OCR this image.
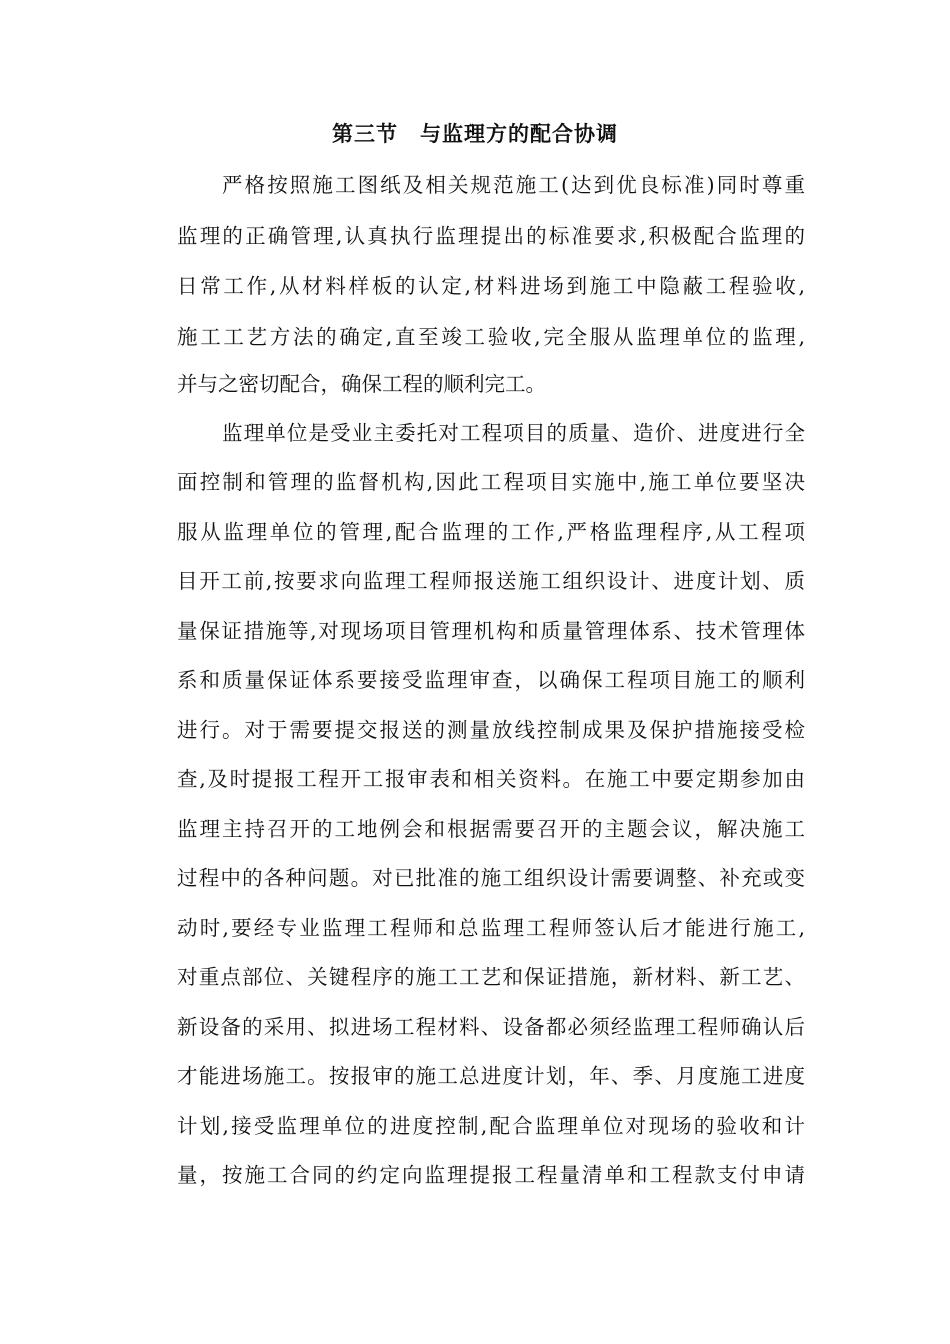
第三节　与监理方的配合协调
严格按照施工图纸及相关规范施工(达到优良标准)同时尊重
监理的正确管理,认真执行监理提出的标准要求,积极配合监理的
日常工作,从材料样板的认定,材料进场到施工中隐蔽工程验收,
施工工艺方法的确定,直至竣工验收,完全服从监理单位的监理,
并与之密切配合，确保工程的顺利完工。
监理单位是受业主委托对工程项目的质量、造价、进度进行全
面控制和管理的监督机构,因此工程项目实施中,施工单位要坚决
服从监理单位的管理,配合监理的工作,严格监理程序,从工程项
目开工前,按要求向监理工程师报送施工组织设计、进度计划、质
量保证措施等,对现场项目管理机构和质量管理体系、技术管理体
系和质量保证体系要接受监理审查，以确保工程项目施工的顺利
进行。对于需要提交报送的测量放线控制成果及保护措施接受检
查,及时提报工程开工报审表和相关资料。在施工中要定期参加由
监理主持召开的工地例会和根据需要召开的主题会议，解决施工
过程中的各种问题。对已批准的施工组织设计需要调整、补充或变
动时,要经专业监理工程师和总监理工程师签认后才能进行施工,
对重点部位、关键程序的施工工艺和保证措施，新材料、新工艺、
新设备的采用、拟进场工程材料、设备都必须经监理工程师确认后
才能进场施工。按报审的施工总进度计划，年、季、月度施工进度
计划,接受监理单位的进度控制,配合监理单位对现场的验收和计
量，按施工合同的约定向监理提报工程量清单和工程款支付申请
